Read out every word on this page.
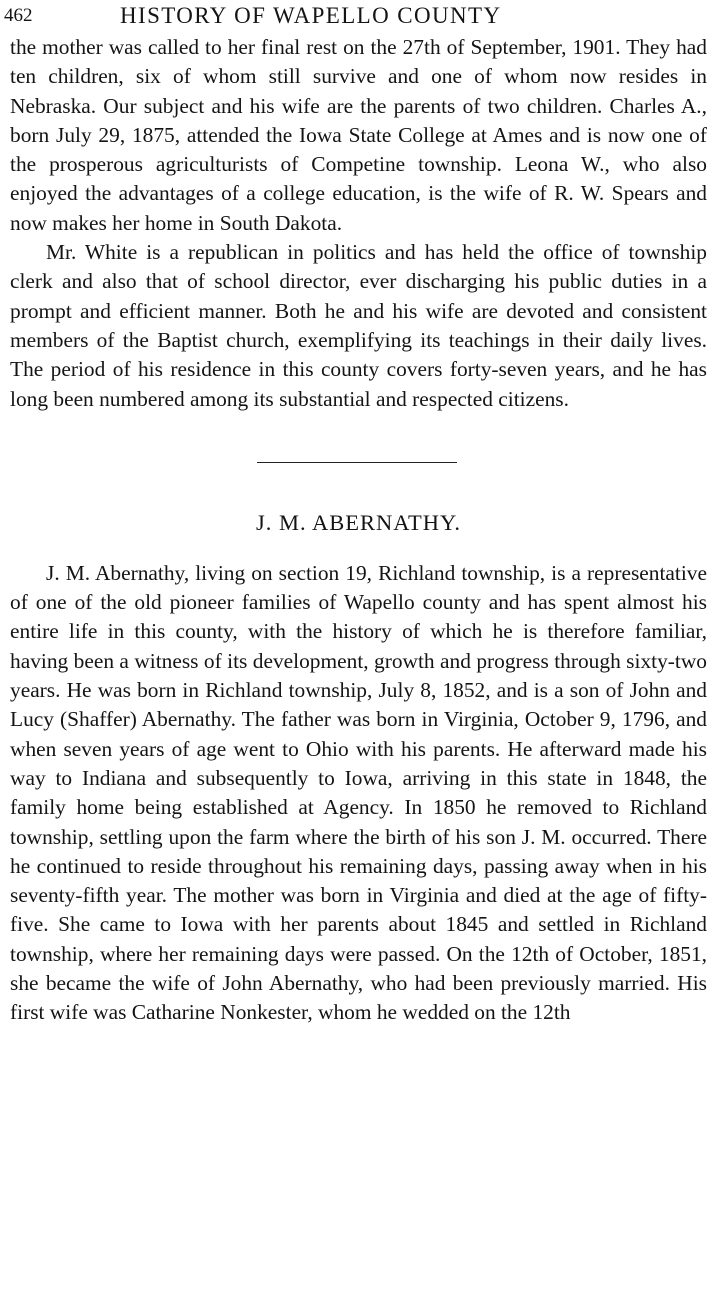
462	HISTORY OF WAPELLO COUNTY

the mother was called to her final rest on the 27th of September, 1901. They had ten children, six of whom still survive and one of whom now resides in Nebraska. Our subject and his wife are the parents of two children. Charles A., born July 29, 1875, attended the Iowa State College at Ames and is now one of the prosperous agriculturists of Competine township. Leona W., who also enjoyed the advantages of a college education, is the wife of R. W. Spears and now makes her home in South Dakota.

Mr. White is a republican in politics and has held the office of township clerk and also that of school director, ever discharging his public duties in a prompt and efficient manner. Both he and his wife are devoted and consistent members of the Baptist church, exemplifying its teachings in their daily lives. The period of his residence in this county covers forty-seven years, and he has long been numbered among its substantial and respected citizens.

J. M. ABERNATHY.

J. M. Abernathy, living on section 19, Richland township, is a representative of one of the old pioneer families of Wapello county and has spent almost his entire life in this county, with the history of which he is therefore familiar, having been a witness of its development, growth and progress through sixty-two years. He was born in Richland township, July 8, 1852, and is a son of John and Lucy (Shaffer) Abernathy. The father was born in Virginia, October 9, 1796, and when seven years of age went to Ohio with his parents. He afterward made his way to Indiana and subsequently to Iowa, arriving in this state in 1848, the family home being established at Agency. In 1850 he removed to Richland township, settling upon the farm where the birth of his son J. M. occurred. There he continued to reside throughout his remaining days, passing away when in his seventy-fifth year. The mother was born in Virginia and died at the age of fifty-five. She came to Iowa with her parents about 1845 and settled in Richland township, where her remaining days were passed. On the 12th of October, 1851, she became the wife of John Abernathy, who had been previously married. His first wife was Catharine Nonkester, whom he wedded on the 12th
